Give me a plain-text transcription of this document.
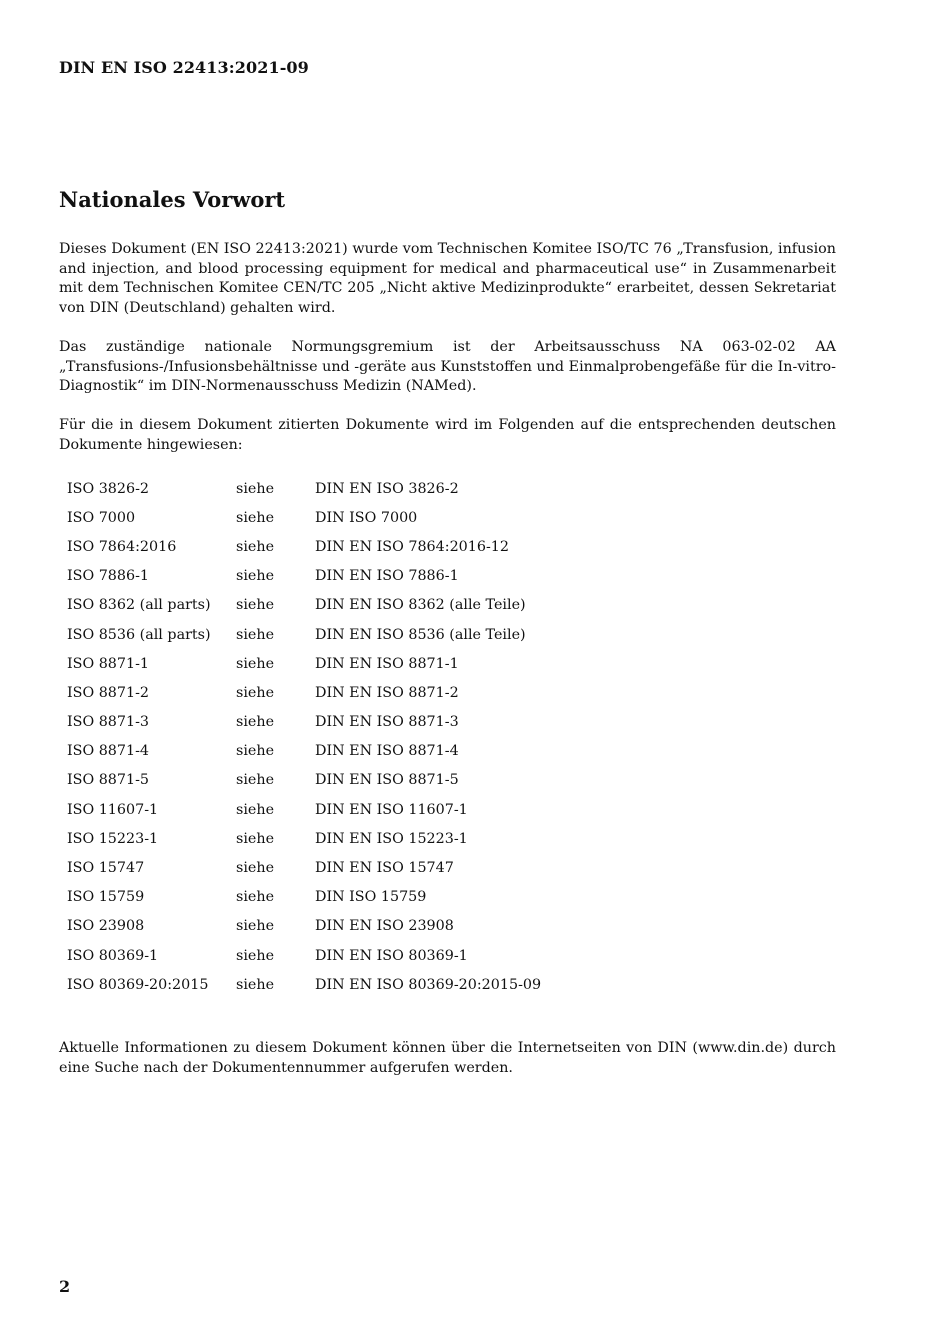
DIN EN ISO 22413:2021-09
Nationales Vorwort

Dieses Dokument (EN ISO 22413:2021) wurde vom Technischen Komitee ISO/TC 76 „Transfusion, infusion and injection, and blood processing equipment for medical and pharmaceutical use“ in Zusammenarbeit mit dem Technischen Komitee CEN/TC 205 „Nicht aktive Medizinprodukte“ erarbeitet, dessen Sekretariat von DIN (Deutschland) gehalten wird.

Das zuständige nationale Normungsgremium ist der Arbeitsausschuss NA 063-02-02 AA „Transfusions-/Infusionsbehältnisse und -geräte aus Kunststoffen und Einmalprobengefäße für die In-vitro-Diagnostik“ im DIN-Normenausschuss Medizin (NAMed).

Für die in diesem Dokument zitierten Dokumente wird im Folgenden auf die entsprechenden deutschen Dokumente hingewiesen:

ISO 3826-2	siehe	DIN EN ISO 3826-2
ISO 7000	siehe	DIN ISO 7000
ISO 7864:2016	siehe	DIN EN ISO 7864:2016-12
ISO 7886-1	siehe	DIN EN ISO 7886-1
ISO 8362 (all parts)	siehe	DIN EN ISO 8362 (alle Teile)
ISO 8536 (all parts)	siehe	DIN EN ISO 8536 (alle Teile)
ISO 8871-1	siehe	DIN EN ISO 8871-1
ISO 8871-2	siehe	DIN EN ISO 8871-2
ISO 8871-3	siehe	DIN EN ISO 8871-3
ISO 8871-4	siehe	DIN EN ISO 8871-4
ISO 8871-5	siehe	DIN EN ISO 8871-5
ISO 11607-1	siehe	DIN EN ISO 11607-1
ISO 15223-1	siehe	DIN EN ISO 15223-1
ISO 15747	siehe	DIN EN ISO 15747
ISO 15759	siehe	DIN ISO 15759
ISO 23908	siehe	DIN EN ISO 23908
ISO 80369-1	siehe	DIN EN ISO 80369-1
ISO 80369-20:2015	siehe	DIN EN ISO 80369-20:2015-09

Aktuelle Informationen zu diesem Dokument können über die Internetseiten von DIN (www.din.de) durch eine Suche nach der Dokumentennummer aufgerufen werden.

2
